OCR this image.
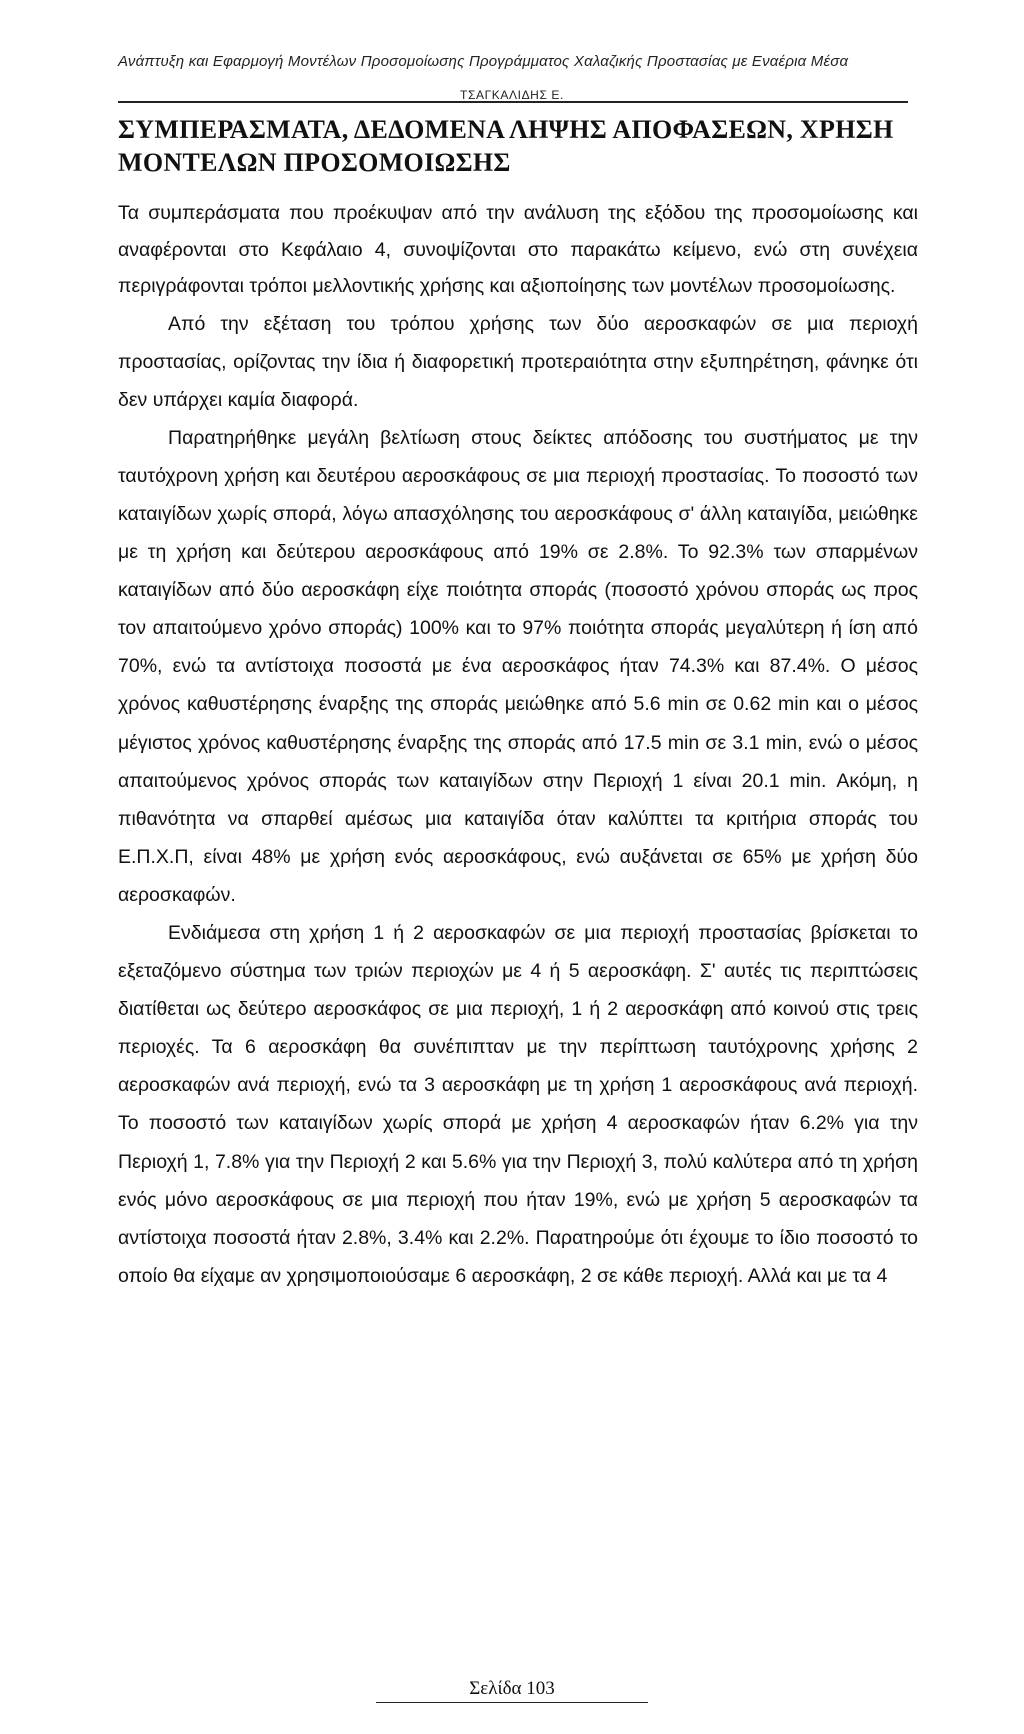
Ανάπτυξη και Εφαρμογή Μοντέλων Προσομοίωσης Προγράμματος Χαλαζικής Προστασίας με Εναέρια Μέσα
ΤΣΑΓΚΑΛΙΔΗΣ Ε.
ΣΥΜΠΕΡΑΣΜΑΤΑ, ΔΕΔΟΜΕΝΑ ΛΗΨΗΣ ΑΠΟΦΑΣΕΩΝ, ΧΡΗΣΗ ΜΟΝΤΕΛΩΝ ΠΡΟΣΟΜΟΙΩΣΗΣ

Τα συμπεράσματα που προέκυψαν από την ανάλυση της εξόδου της προσομοίωσης και αναφέρονται στο Κεφάλαιο 4, συνοψίζονται στο παρακάτω κείμενο, ενώ στη συνέχεια περιγράφονται τρόποι μελλοντικής χρήσης και αξιοποίησης των μοντέλων προσομοίωσης.

Από την εξέταση του τρόπου χρήσης των δύο αεροσκαφών σε μια περιοχή προστασίας, ορίζοντας την ίδια ή διαφορετική προτεραιότητα στην εξυπηρέτηση, φάνηκε ότι δεν υπάρχει καμία διαφορά.

Παρατηρήθηκε μεγάλη βελτίωση στους δείκτες απόδοσης του συστήματος με την ταυτόχρονη χρήση και δευτέρου αεροσκάφους σε μια περιοχή προστασίας. Το ποσοστό των καταιγίδων χωρίς σπορά, λόγω απασχόλησης του αεροσκάφους σ' άλλη καταιγίδα, μειώθηκε με τη χρήση και δεύτερου αεροσκάφους από 19% σε 2.8%. Το 92.3% των σπαρμένων καταιγίδων από δύο αεροσκάφη είχε ποιότητα σποράς (ποσοστό χρόνου σποράς ως προς τον απαιτούμενο χρόνο σποράς) 100% και το 97% ποιότητα σποράς μεγαλύτερη ή ίση από 70%, ενώ τα αντίστοιχα ποσοστά με ένα αεροσκάφος ήταν 74.3% και 87.4%. Ο μέσος χρόνος καθυστέρησης έναρξης της σποράς μειώθηκε από 5.6 min σε 0.62 min και ο μέσος μέγιστος χρόνος καθυστέρησης έναρξης της σποράς από 17.5 min σε 3.1 min, ενώ ο μέσος απαιτούμενος χρόνος σποράς των καταιγίδων στην Περιοχή 1 είναι 20.1 min. Ακόμη, η πιθανότητα να σπαρθεί αμέσως μια καταιγίδα όταν καλύπτει τα κριτήρια σποράς του Ε.Π.Χ.Π, είναι 48% με χρήση ενός αεροσκάφους, ενώ αυξάνεται σε 65% με χρήση δύο αεροσκαφών.

Ενδιάμεσα στη χρήση 1 ή 2 αεροσκαφών σε μια περιοχή προστασίας βρίσκεται το εξεταζόμενο σύστημα των τριών περιοχών με 4 ή 5 αεροσκάφη. Σ' αυτές τις περιπτώσεις διατίθεται ως δεύτερο αεροσκάφος σε μια περιοχή, 1 ή 2 αεροσκάφη από κοινού στις τρεις περιοχές. Τα 6 αεροσκάφη θα συνέπιπταν με την περίπτωση ταυτόχρονης χρήσης 2 αεροσκαφών ανά περιοχή, ενώ τα 3 αεροσκάφη με τη χρήση 1 αεροσκάφους ανά περιοχή. Το ποσοστό των καταιγίδων χωρίς σπορά με χρήση 4 αεροσκαφών ήταν 6.2% για την Περιοχή 1, 7.8% για την Περιοχή 2 και 5.6% για την Περιοχή 3, πολύ καλύτερα από τη χρήση ενός μόνο αεροσκάφους σε μια περιοχή που ήταν 19%, ενώ με χρήση 5 αεροσκαφών τα αντίστοιχα ποσοστά ήταν 2.8%, 3.4% και 2.2%. Παρατηρούμε ότι έχουμε το ίδιο ποσοστό το οποίο θα είχαμε αν χρησιμοποιούσαμε 6 αεροσκάφη, 2 σε κάθε περιοχή. Αλλά και με τα 4

Σελίδα 103
